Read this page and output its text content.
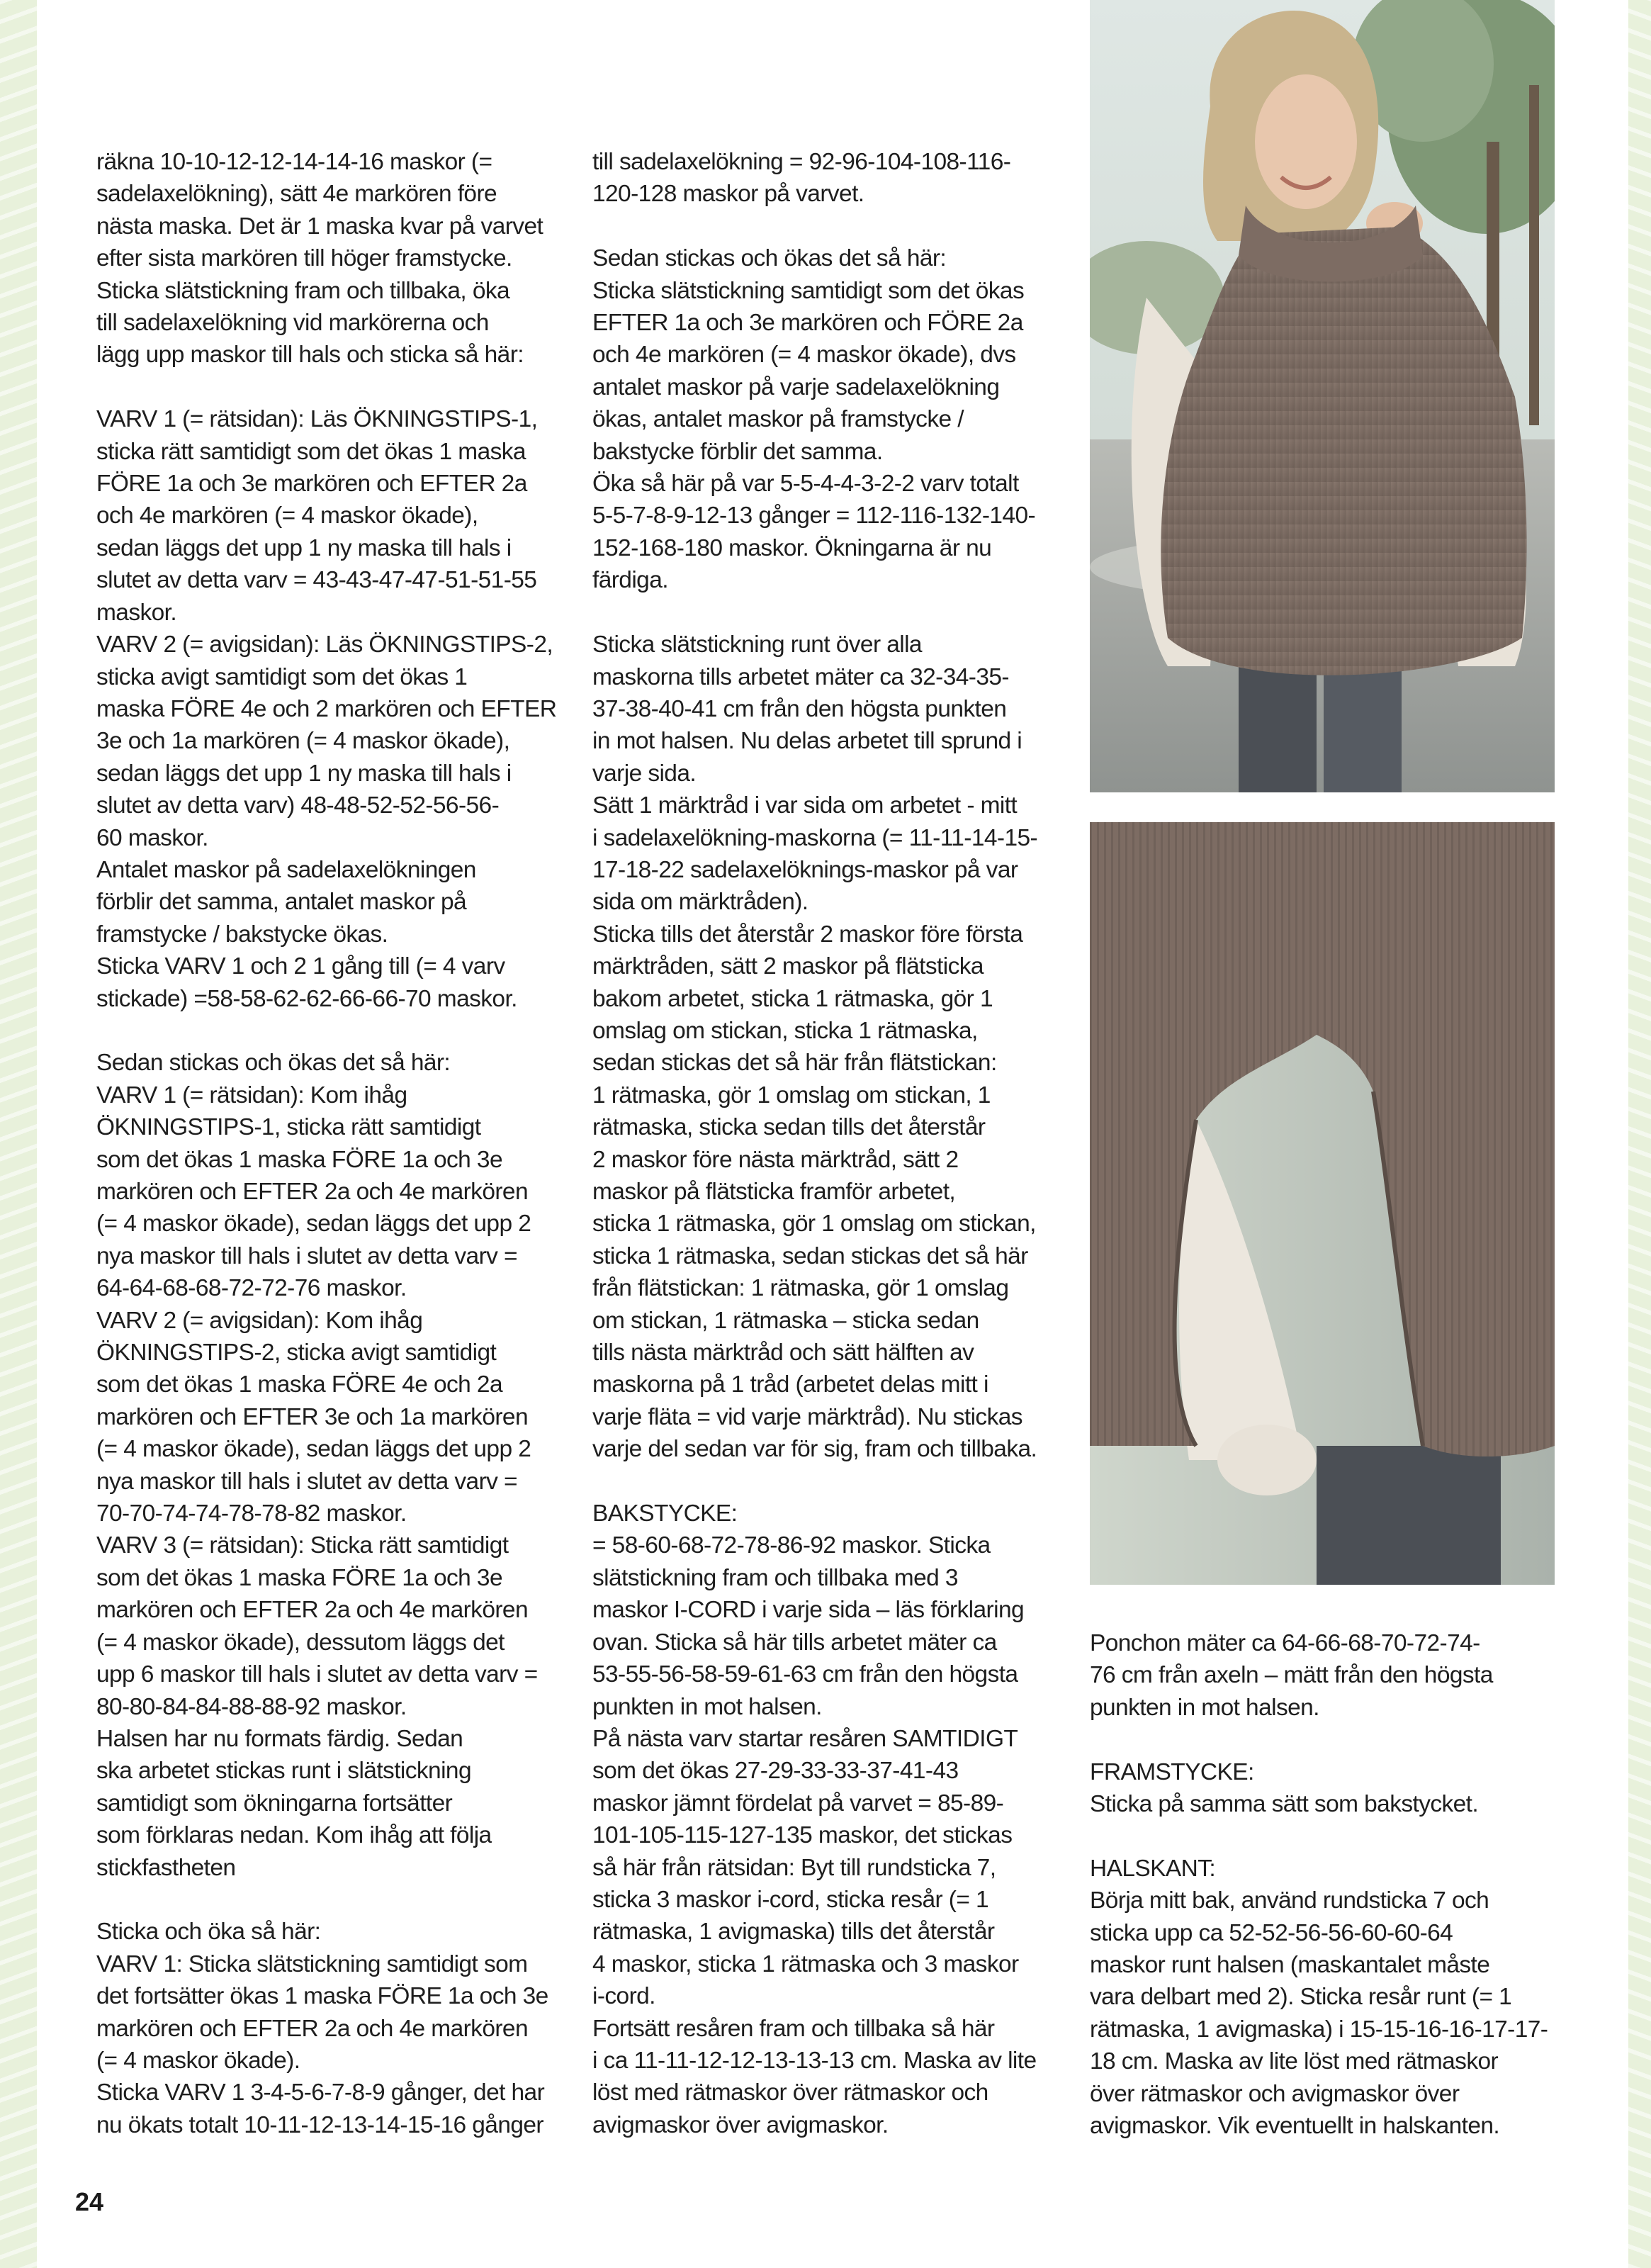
räkna 10-10-12-12-14-14-16 maskor (=
sadelaxelökning), sätt 4e markören före
nästa maska. Det är 1 maska kvar på varvet
efter sista markören till höger framstycke.
Sticka slätstickning fram och tillbaka, öka
till sadelaxelökning vid markörerna och
lägg upp maskor till hals och sticka så här:

VARV 1 (= rätsidan): Läs ÖKNINGSTIPS-1,
sticka rätt samtidigt som det ökas 1 maska
FÖRE 1a och 3e markören och EFTER 2a
och 4e markören (= 4 maskor ökade),
sedan läggs det upp 1 ny maska till hals i
slutet av detta varv = 43-43-47-47-51-51-55
maskor.
VARV 2 (= avigsidan): Läs ÖKNINGSTIPS-2,
sticka avigt samtidigt som det ökas 1
maska FÖRE 4e och 2 markören och EFTER
3e och 1a markören (= 4 maskor ökade),
sedan läggs det upp 1 ny maska till hals i
slutet av detta varv) 48-48-52-52-56-56-
60 maskor.
Antalet maskor på sadelaxelökningen
förblir det samma, antalet maskor på
framstycke / bakstycke ökas.
Sticka VARV 1 och 2 1 gång till (= 4 varv
stickade) =58-58-62-62-66-66-70 maskor.

Sedan stickas och ökas det så här:
VARV 1 (= rätsidan): Kom ihåg
ÖKNINGSTIPS-1, sticka rätt samtidigt
som det ökas 1 maska FÖRE 1a och 3e
markören och EFTER 2a och 4e markören
(= 4 maskor ökade), sedan läggs det upp 2
nya maskor till hals i slutet av detta varv =
64-64-68-68-72-72-76 maskor.
VARV 2 (= avigsidan): Kom ihåg
ÖKNINGSTIPS-2, sticka avigt samtidigt
som det ökas 1 maska FÖRE 4e och 2a
markören och EFTER 3e och 1a markören
(= 4 maskor ökade), sedan läggs det upp 2
nya maskor till hals i slutet av detta varv =
70-70-74-74-78-78-82 maskor.
VARV 3 (= rätsidan): Sticka rätt samtidigt
som det ökas 1 maska FÖRE 1a och 3e
markören och EFTER 2a och 4e markören
(= 4 maskor ökade), dessutom läggs det
upp 6 maskor till hals i slutet av detta varv =
80-80-84-84-88-88-92 maskor.
Halsen har nu formats färdig. Sedan
ska arbetet stickas runt i slätstickning
samtidigt som ökningarna fortsätter
som förklaras nedan. Kom ihåg att följa
stickfastheten

Sticka och öka så här:
VARV 1: Sticka slätstickning samtidigt som
det fortsätter ökas 1 maska FÖRE 1a och 3e
markören och EFTER 2a och 4e markören
(= 4 maskor ökade).
Sticka VARV 1 3-4-5-6-7-8-9 gånger, det har
nu ökats totalt 10-11-12-13-14-15-16 gånger
till sadelaxelökning = 92-96-104-108-116-
120-128 maskor på varvet.

Sedan stickas och ökas det så här:
Sticka slätstickning samtidigt som det ökas
EFTER 1a och 3e markören och FÖRE 2a
och 4e markören (= 4 maskor ökade), dvs
antalet maskor på varje sadelaxelökning
ökas, antalet maskor på framstycke /
bakstycke förblir det samma.
Öka så här på var 5-5-4-4-3-2-2 varv totalt
5-5-7-8-9-12-13 gånger = 112-116-132-140-
152-168-180 maskor. Ökningarna är nu
färdiga.

Sticka slätstickning runt över alla
maskorna tills arbetet mäter ca 32-34-35-
37-38-40-41 cm från den högsta punkten
in mot halsen. Nu delas arbetet till sprund i
varje sida.
Sätt 1 märktråd i var sida om arbetet - mitt
i sadelaxelökning-maskorna (= 11-11-14-15-
17-18-22 sadelaxelöknings-maskor på var
sida om märktråden).
Sticka tills det återstår 2 maskor före första
märktråden, sätt 2 maskor på flätsticka
bakom arbetet, sticka 1 rätmaska, gör 1
omslag om stickan, sticka 1 rätmaska,
sedan stickas det så här från flätstickan:
1 rätmaska, gör 1 omslag om stickan, 1
rätmaska, sticka sedan tills det återstår
2 maskor före nästa märktråd, sätt 2
maskor på flätsticka framför arbetet,
sticka 1 rätmaska, gör 1 omslag om stickan,
sticka 1 rätmaska, sedan stickas det så här
från flätstickan: 1 rätmaska, gör 1 omslag
om stickan, 1 rätmaska – sticka sedan
tills nästa märktråd och sätt hälften av
maskorna på 1 tråd (arbetet delas mitt i
varje fläta = vid varje märktråd). Nu stickas
varje del sedan var för sig, fram och tillbaka.

BAKSTYCKE:
= 58-60-68-72-78-86-92 maskor. Sticka
slätstickning fram och tillbaka med 3
maskor I-CORD i varje sida – läs förklaring
ovan. Sticka så här tills arbetet mäter ca
53-55-56-58-59-61-63 cm från den högsta
punkten in mot halsen.
På nästa varv startar resåren SAMTIDIGT
som det ökas 27-29-33-33-37-41-43
maskor jämnt fördelat på varvet = 85-89-
101-105-115-127-135 maskor, det stickas
så här från rätsidan: Byt till rundsticka 7,
sticka 3 maskor i-cord, sticka resår (= 1
rätmaska, 1 avigmaska) tills det återstår
4 maskor, sticka 1 rätmaska och 3 maskor
i-cord.
Fortsätt resåren fram och tillbaka så här
i ca 11-11-12-12-13-13-13 cm. Maska av lite
löst med rätmaskor över rätmaskor och
avigmaskor över avigmaskor.
Ponchon mäter ca 64-66-68-70-72-74-
76 cm från axeln – mätt från den högsta
punkten in mot halsen.

FRAMSTYCKE:
Sticka på samma sätt som bakstycket.

HALSKANT:
Börja mitt bak, använd rundsticka 7 och
sticka upp ca 52-52-56-56-60-60-64
maskor runt halsen (maskantalet måste
vara delbart med 2). Sticka resår runt (= 1
rätmaska, 1 avigmaska) i 15-15-16-16-17-17-
18 cm. Maska av lite löst med rätmaskor
över rätmaskor och avigmaskor över
avigmaskor. Vik eventuellt in halskanten.
24
